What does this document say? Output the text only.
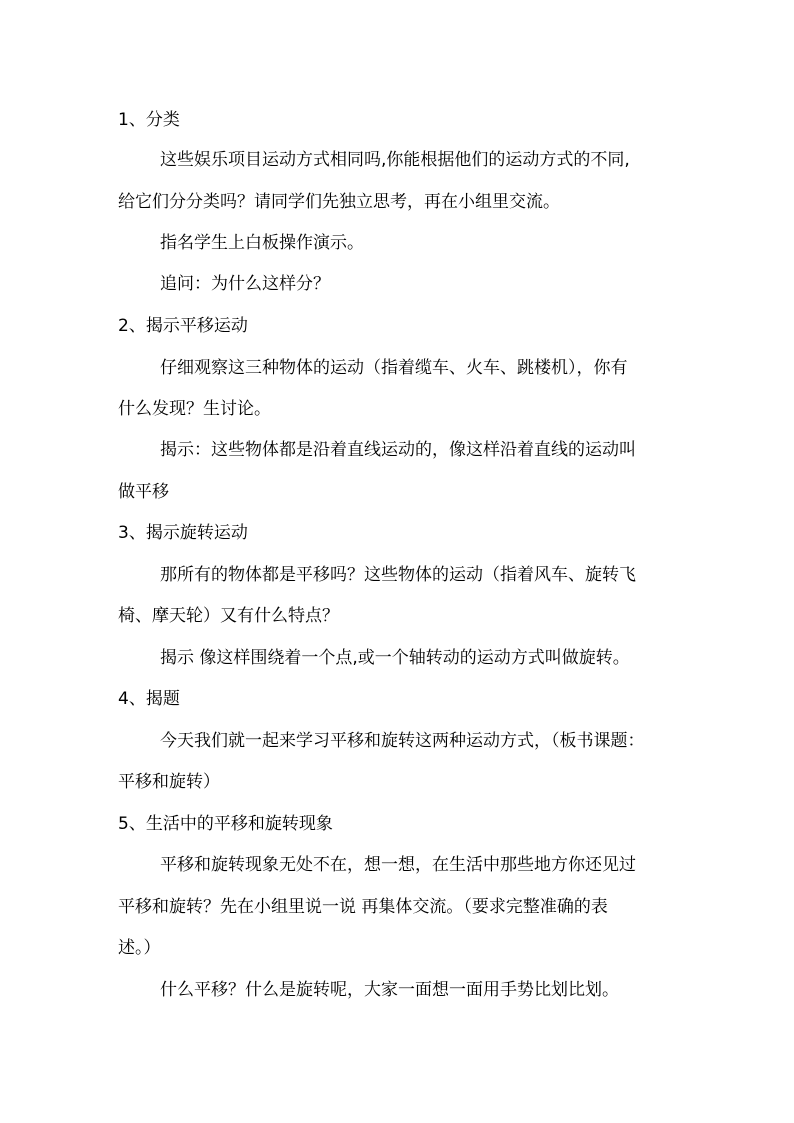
1、分类
这些娱乐项目运动方式相同吗,你能根据他们的运动方式的不同,
给它们分分类吗？请同学们先独立思考，再在小组里交流。
指名学生上白板操作演示。
追问：为什么这样分？
2、揭示平移运动
仔细观察这三种物体的运动（指着缆车、火车、跳楼机），你有
什么发现？生讨论。
揭示：这些物体都是沿着直线运动的，像这样沿着直线的运动叫
做平移
3、揭示旋转运动
那所有的物体都是平移吗？这些物体的运动（指着风车、旋转飞
椅、摩天轮）又有什么特点？
揭示 像这样围绕着一个点,或一个轴转动的运动方式叫做旋转。
4、揭题
今天我们就一起来学习平移和旋转这两种运动方式，（板书课题：
平移和旋转）
5、生活中的平移和旋转现象
平移和旋转现象无处不在，想一想，在生活中那些地方你还见过
平移和旋转？先在小组里说一说 再集体交流。（要求完整准确的表
述。）
什么平移？什么是旋转呢，大家一面想一面用手势比划比划。
